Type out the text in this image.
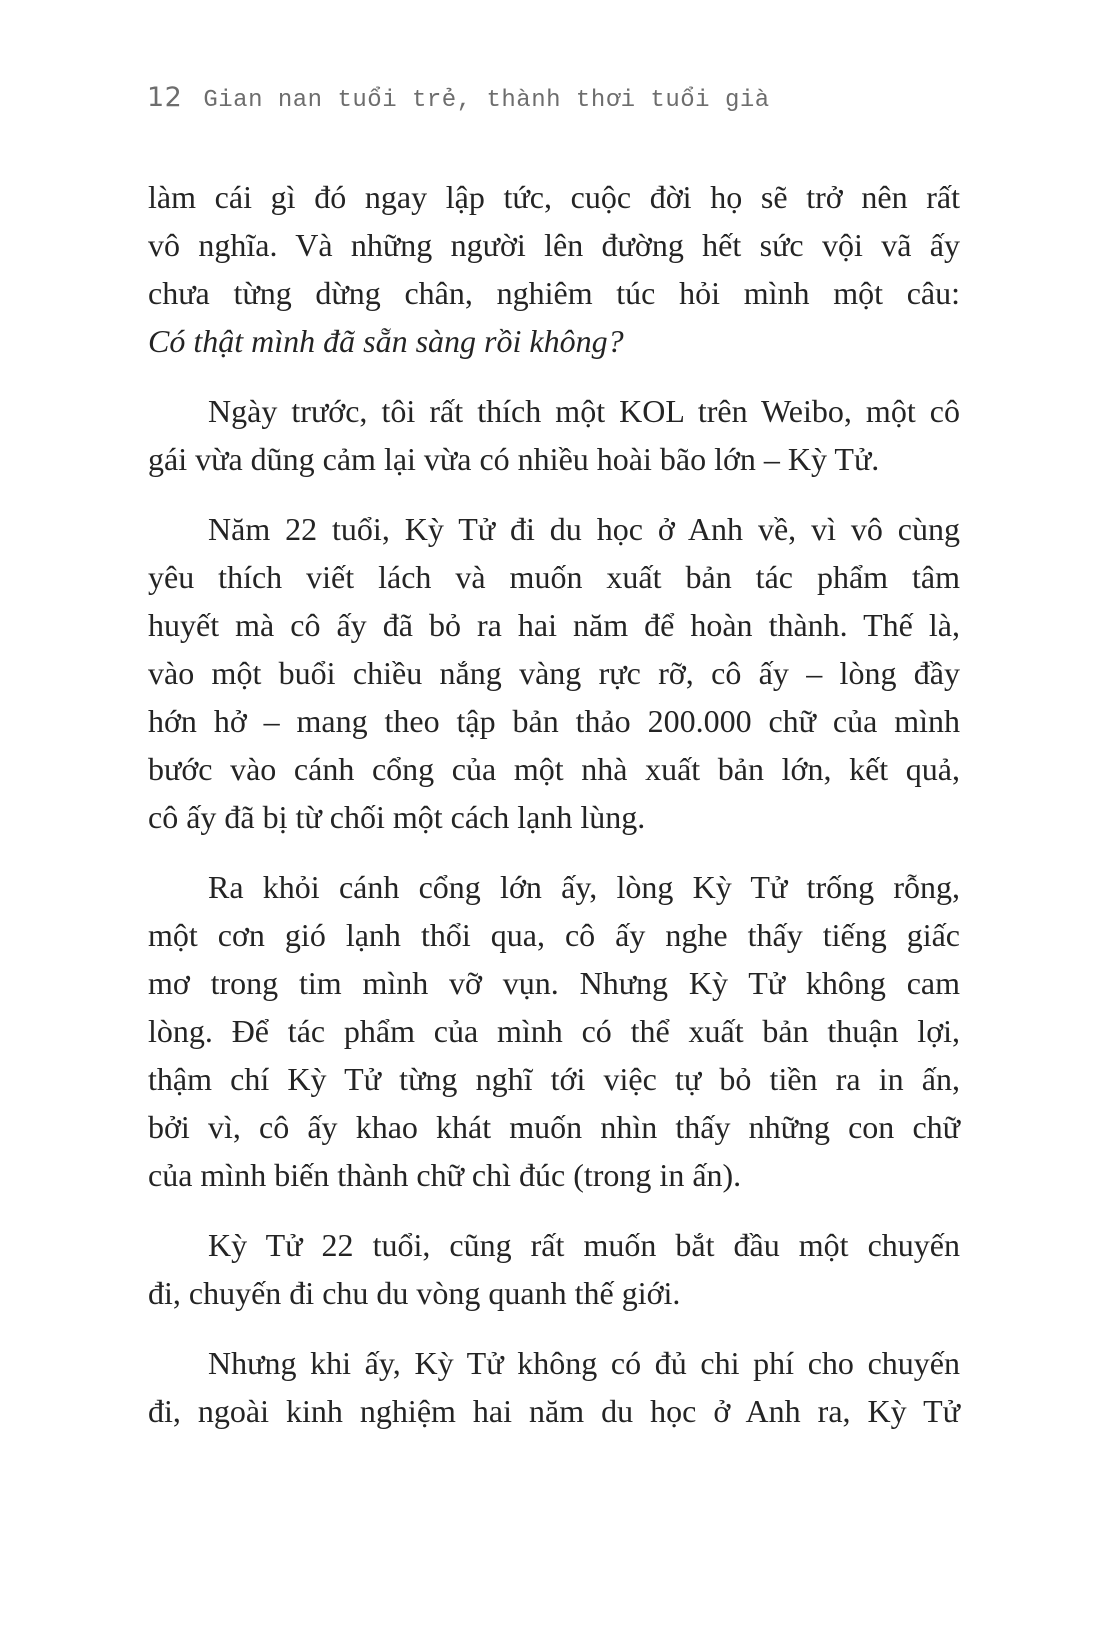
12 Gian nan tuổi trẻ, thành thơi tuổi già
làm cái gì đó ngay lập tức, cuộc đời họ sẽ trở nên rất
vô nghĩa. Và những người lên đường hết sức vội vã ấy
chưa từng dừng chân, nghiêm túc hỏi mình một câu:
Có thật mình đã sẵn sàng rồi không?
Ngày trước, tôi rất thích một KOL trên Weibo, một cô
gái vừa dũng cảm lại vừa có nhiều hoài bão lớn – Kỳ Tử.
Năm 22 tuổi, Kỳ Tử đi du học ở Anh về, vì vô cùng
yêu thích viết lách và muốn xuất bản tác phẩm tâm
huyết mà cô ấy đã bỏ ra hai năm để hoàn thành. Thế là,
vào một buổi chiều nắng vàng rực rỡ, cô ấy – lòng đầy
hớn hở – mang theo tập bản thảo 200.000 chữ của mình
bước vào cánh cổng của một nhà xuất bản lớn, kết quả,
cô ấy đã bị từ chối một cách lạnh lùng.
Ra khỏi cánh cổng lớn ấy, lòng Kỳ Tử trống rỗng,
một cơn gió lạnh thổi qua, cô ấy nghe thấy tiếng giấc
mơ trong tim mình vỡ vụn. Nhưng Kỳ Tử không cam
lòng. Để tác phẩm của mình có thể xuất bản thuận lợi,
thậm chí Kỳ Tử từng nghĩ tới việc tự bỏ tiền ra in ấn,
bởi vì, cô ấy khao khát muốn nhìn thấy những con chữ
của mình biến thành chữ chì đúc (trong in ấn).
Kỳ Tử 22 tuổi, cũng rất muốn bắt đầu một chuyến
đi, chuyến đi chu du vòng quanh thế giới.
Nhưng khi ấy, Kỳ Tử không có đủ chi phí cho chuyến
đi, ngoài kinh nghiệm hai năm du học ở Anh ra, Kỳ Tử
